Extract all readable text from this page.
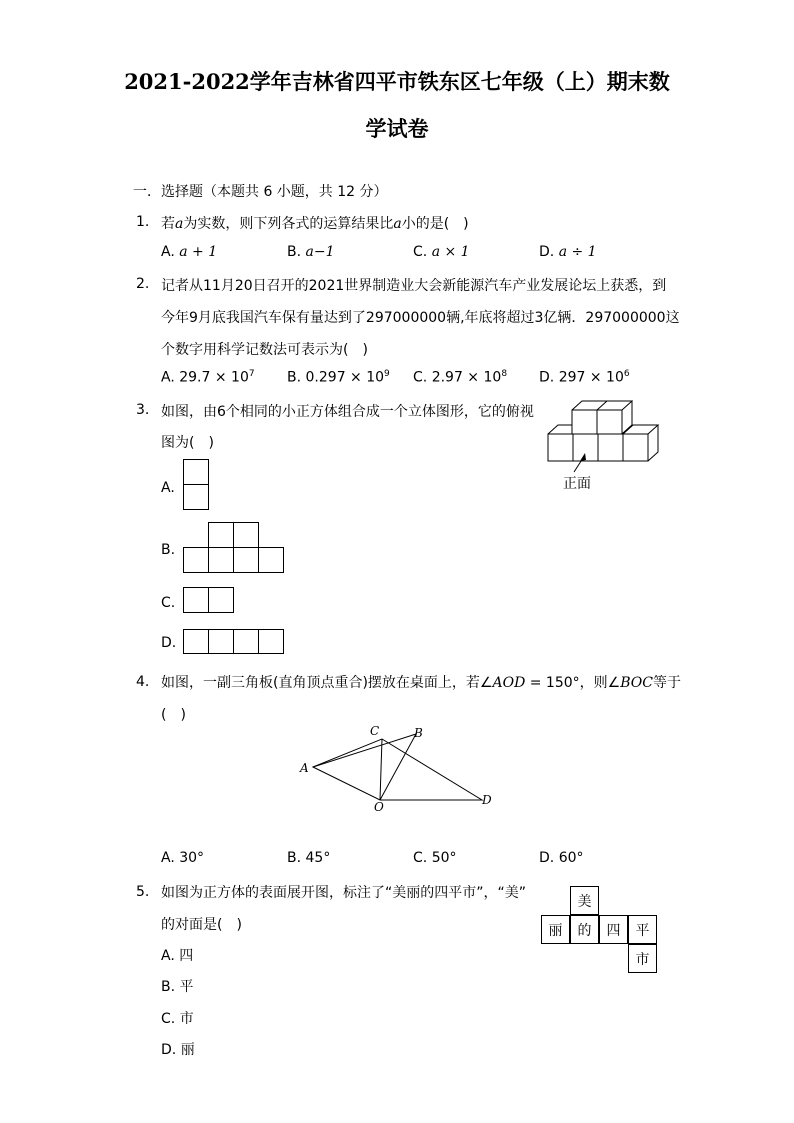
2021-2022学年吉林省四平市铁东区七年级（上）期末数
学试卷
一．选择题（本题共 6 小题，共 12 分）
1. 若a为实数，则下列各式的运算结果比a小的是(　)
A. a + 1	B. a−1	C. a × 1	D. a ÷ 1
2. 记者从11月20日召开的2021世界制造业大会新能源汽车产业发展论坛上获悉，到
今年9月底我国汽车保有量达到了297000000辆,年底将超过3亿辆．297000000这
个数字用科学记数法可表示为(　)
A. $29.7 \times 10^7$ B. $0.297 \times 10^9$ C. $2.97 \times 10^8$ D. $297 \times 10^6$
3. 如图，由6个相同的小正方体组合成一个立体图形，它的俯视
图为(　)
正面
A.
B.
C.
D.
4. 如图，一副三角板(直角顶点重合)摆放在桌面上，若∠AOD = 150°，则∠BOC等于
(　)
A
C	B
O	D
A. 30°	B. 45°	C. 50°	D. 60°
5. 如图为正方体的表面展开图，标注了“美丽的四平市”，“美”
的对面是(　)
美
丽	的	四	平
市
A. 四
B. 平
C. 市
D. 丽
